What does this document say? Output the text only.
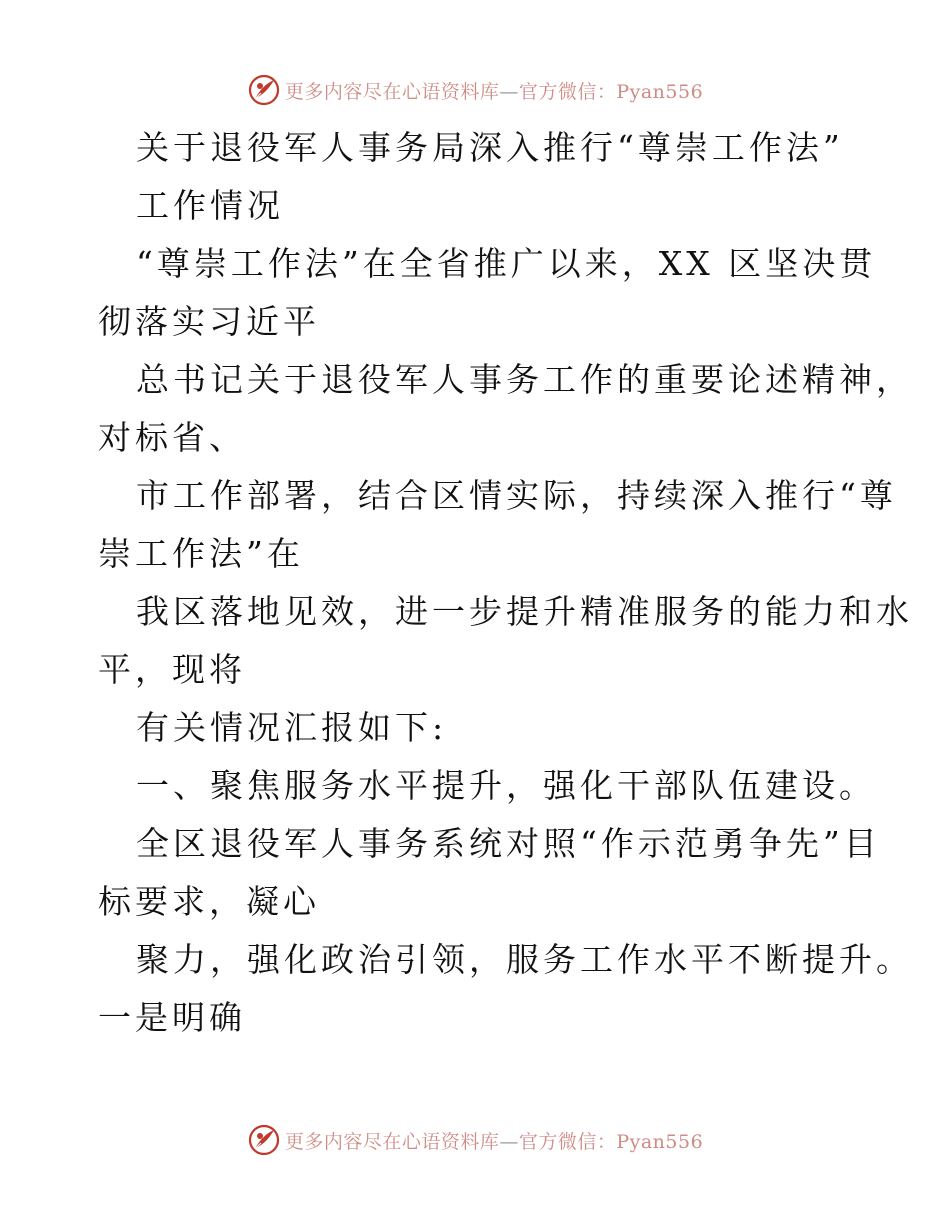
更多内容尽在心语资料库—官方微信：Pyan556
关于退役军人事务局深入推行“尊崇工作法”
工作情况
“尊崇工作法”在全省推广以来，XX 区坚决贯
彻落实习近平
总书记关于退役军人事务工作的重要论述精神，
对标省、
市工作部署，结合区情实际，持续深入推行“尊
崇工作法”在
我区落地见效，进一步提升精准服务的能力和水
平，现将
有关情况汇报如下:
一、聚焦服务水平提升，强化干部队伍建设。
全区退役军人事务系统对照“作示范勇争先”目
标要求，凝心
聚力，强化政治引领，服务工作水平不断提升。
一是明确
更多内容尽在心语资料库—官方微信：Pyan556
